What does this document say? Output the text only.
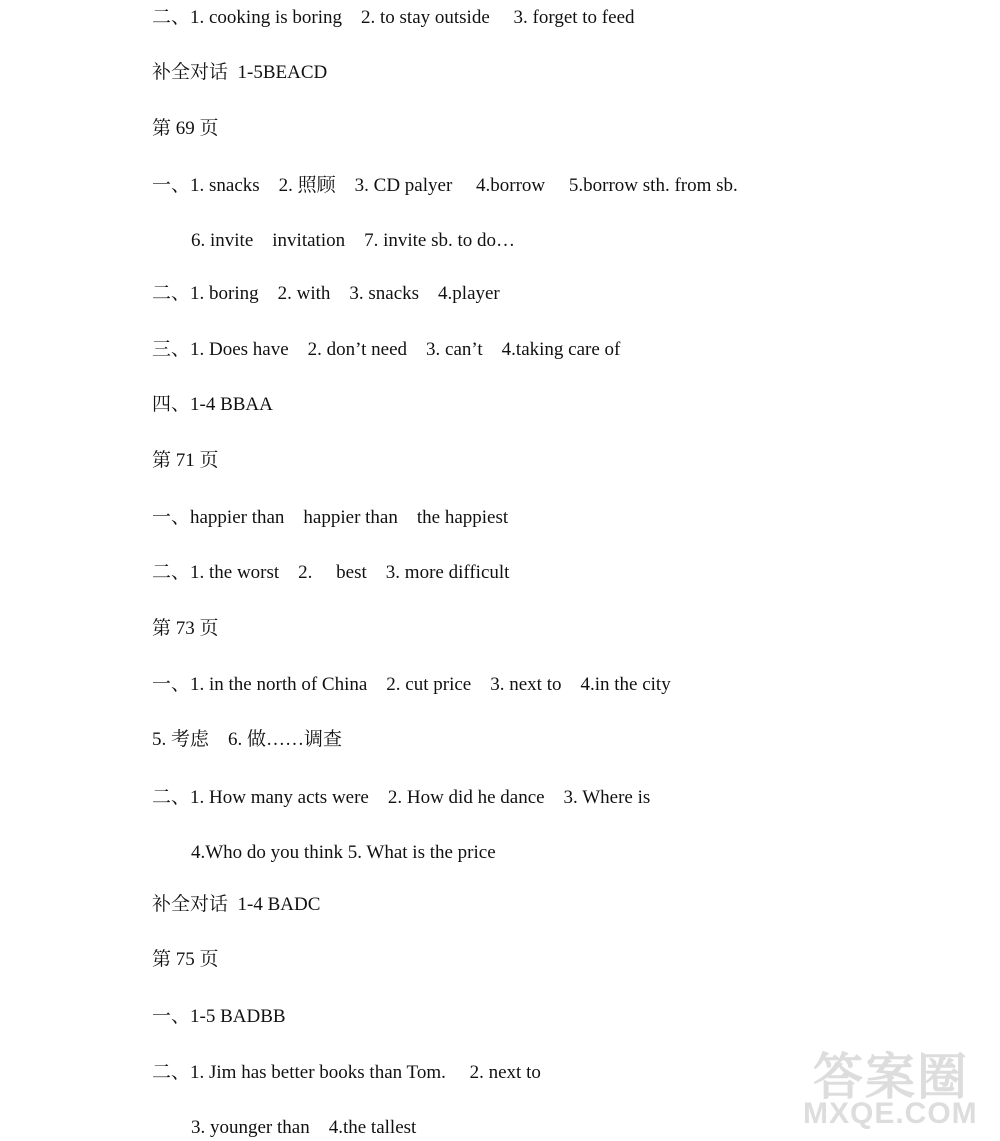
二、1. cooking is boring    2. to stay outside     3. forget to feed
补全对话  1-5BEACD
第 69 页
一、1. snacks    2. 照顾    3. CD palyer     4.borrow     5.borrow sth. from sb.
6. invite    invitation    7. invite sb. to do…
二、1. boring    2. with    3. snacks    4.player
三、1. Does have    2. don’t need    3. can’t    4.taking care of
四、1-4 BBAA
第 71 页
一、happier than    happier than    the happiest
二、1. the worst    2.     best    3. more difficult
第 73 页
一、1. in the north of China    2. cut price    3. next to    4.in the city
5. 考虑    6. 做……调查
二、1. How many acts were    2. How did he dance    3. Where is
4.Who do you think 5. What is the price
补全对话  1-4 BADC
第 75 页
一、1-5 BADBB
二、1. Jim has better books than Tom.     2. next to
3. younger than    4.the tallest
答案圈
MXQE.COM
